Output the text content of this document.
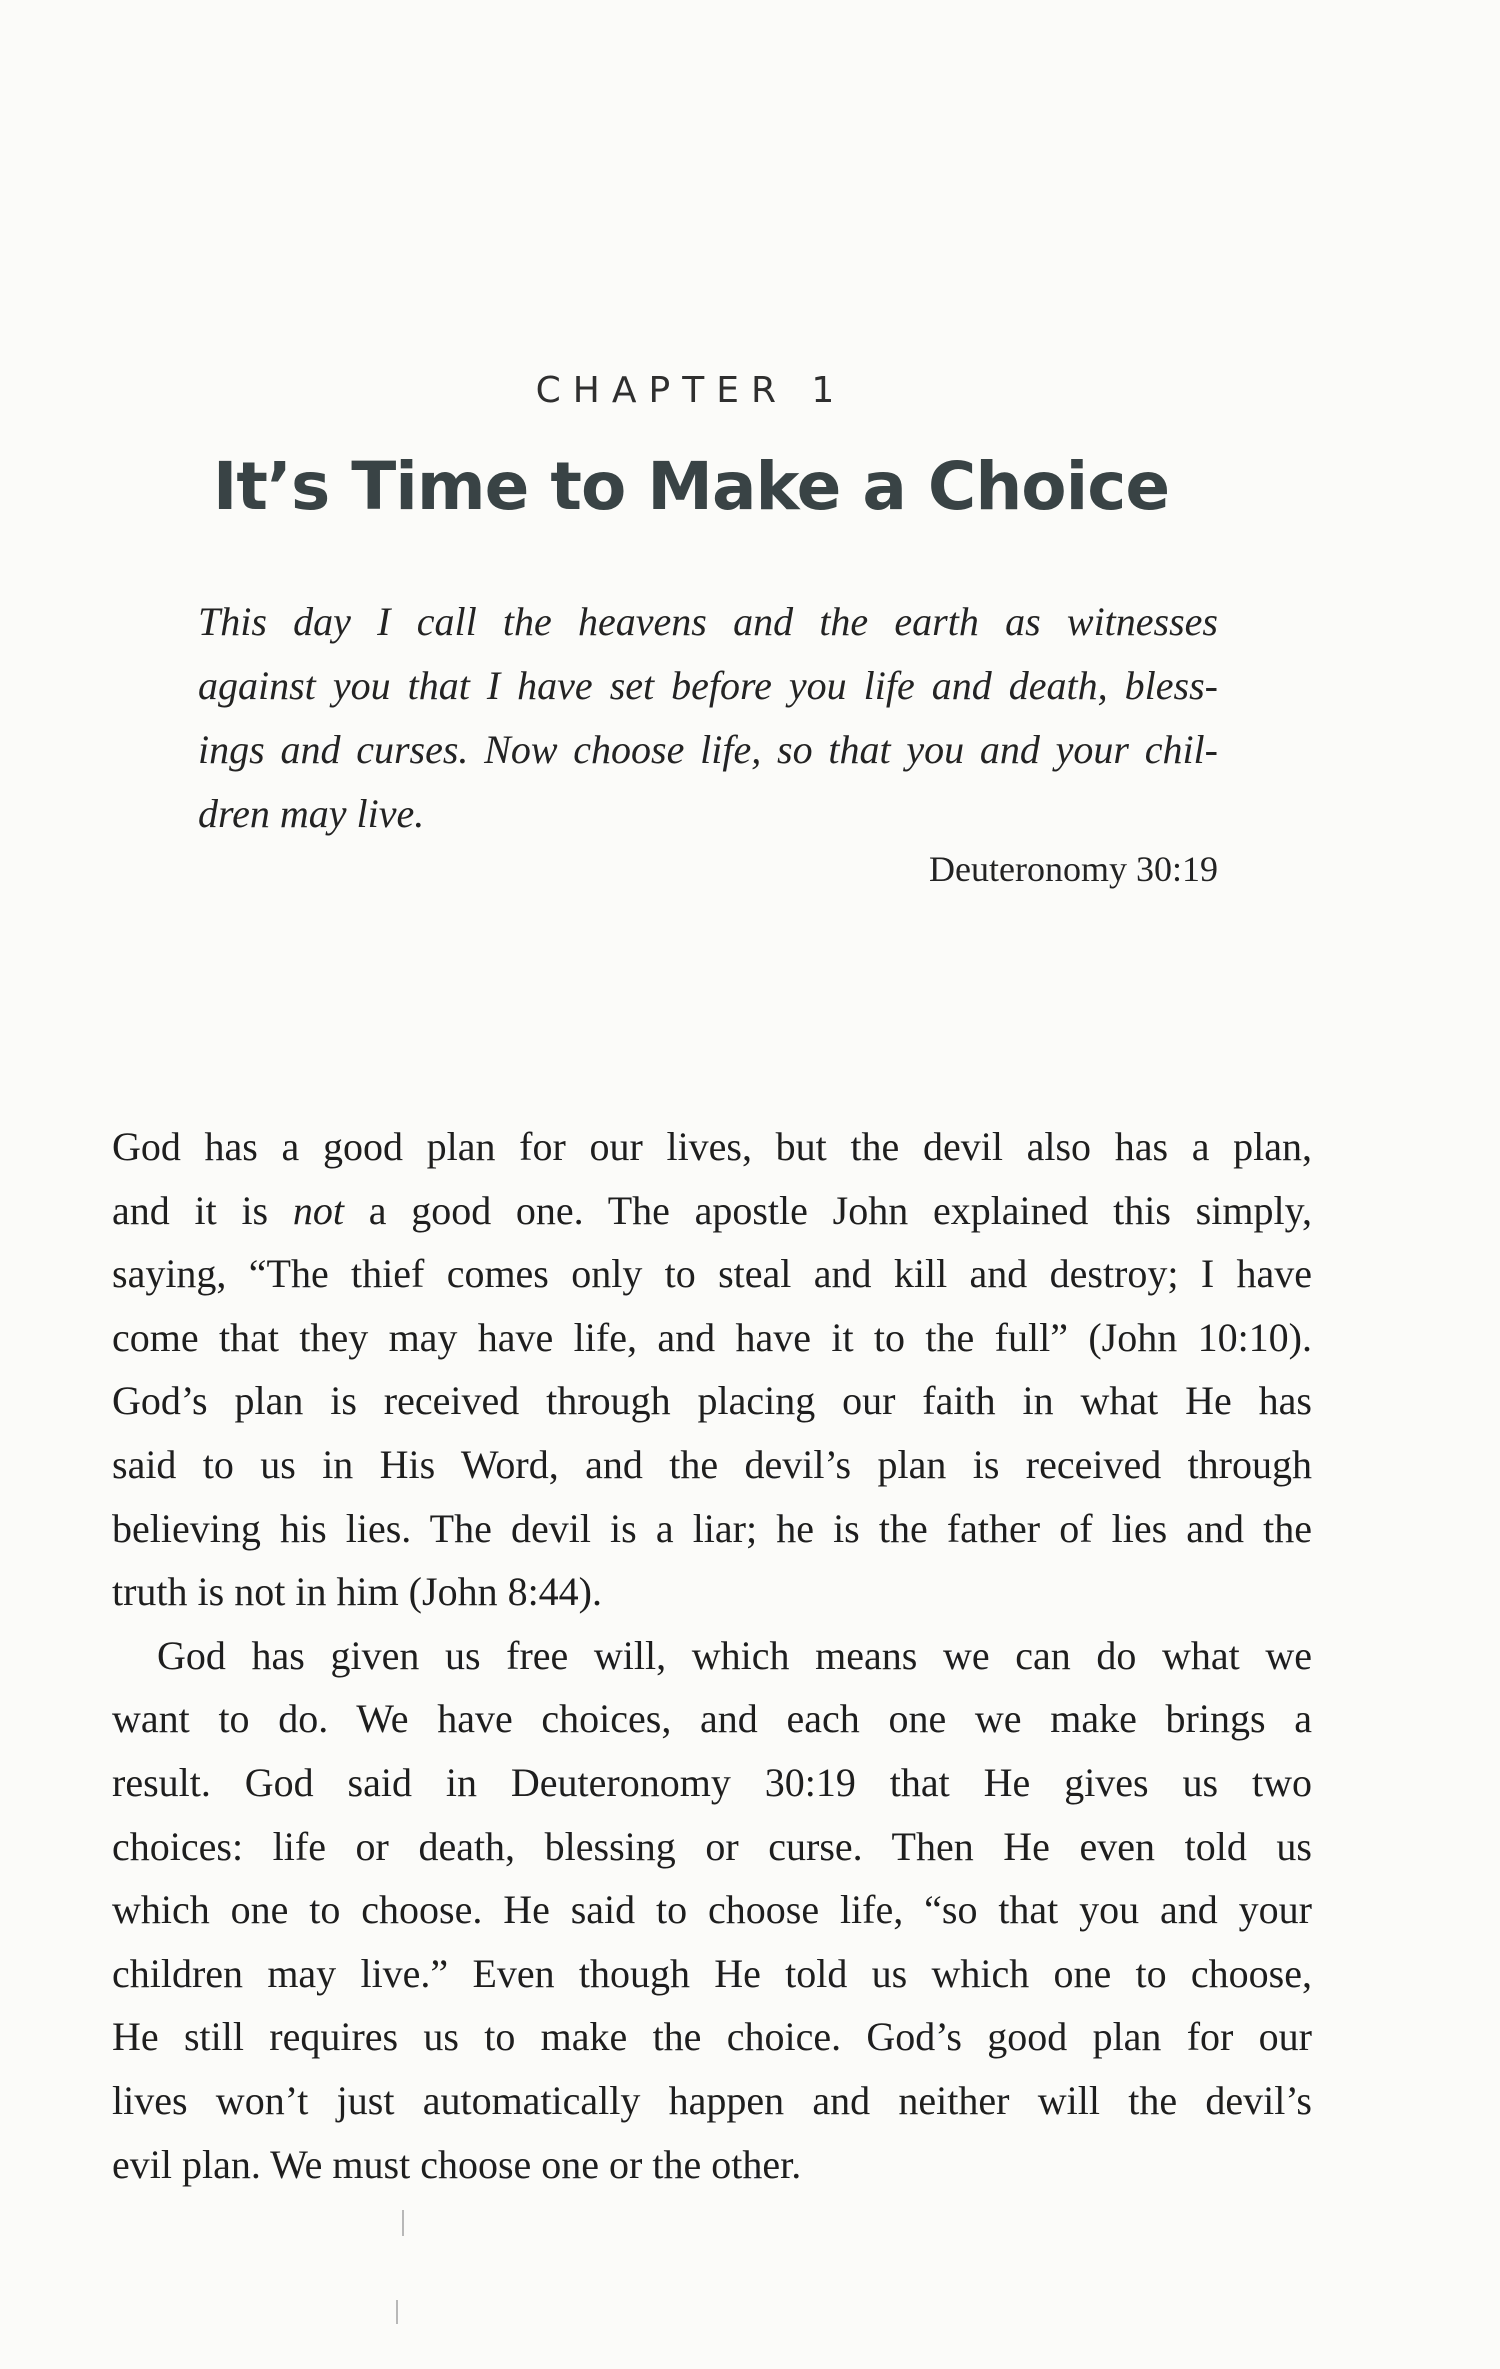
CHAPTER 1
It’s Time to Make a Choice
This day I call the heavens and the earth as witnesses
against you that I have set before you life and death, bless-
ings and curses. Now choose life, so that you and your chil-
dren may live.
Deuteronomy 30:19
God has a good plan for our lives, but the devil also has a plan,
and it is not a good one. The apostle John explained this simply,
saying, “The thief comes only to steal and kill and destroy; I have
come that they may have life, and have it to the full” (John 10:10).
God’s plan is received through placing our faith in what He has
said to us in His Word, and the devil’s plan is received through
believing his lies. The devil is a liar; he is the father of lies and the
truth is not in him (John 8:44).
God has given us free will, which means we can do what we
want to do. We have choices, and each one we make brings a
result. God said in Deuteronomy 30:19 that He gives us two
choices: life or death, blessing or curse. Then He even told us
which one to choose. He said to choose life, “so that you and your
children may live.” Even though He told us which one to choose,
He still requires us to make the choice. God’s good plan for our
lives won’t just automatically happen and neither will the devil’s
evil plan. We must choose one or the other.
